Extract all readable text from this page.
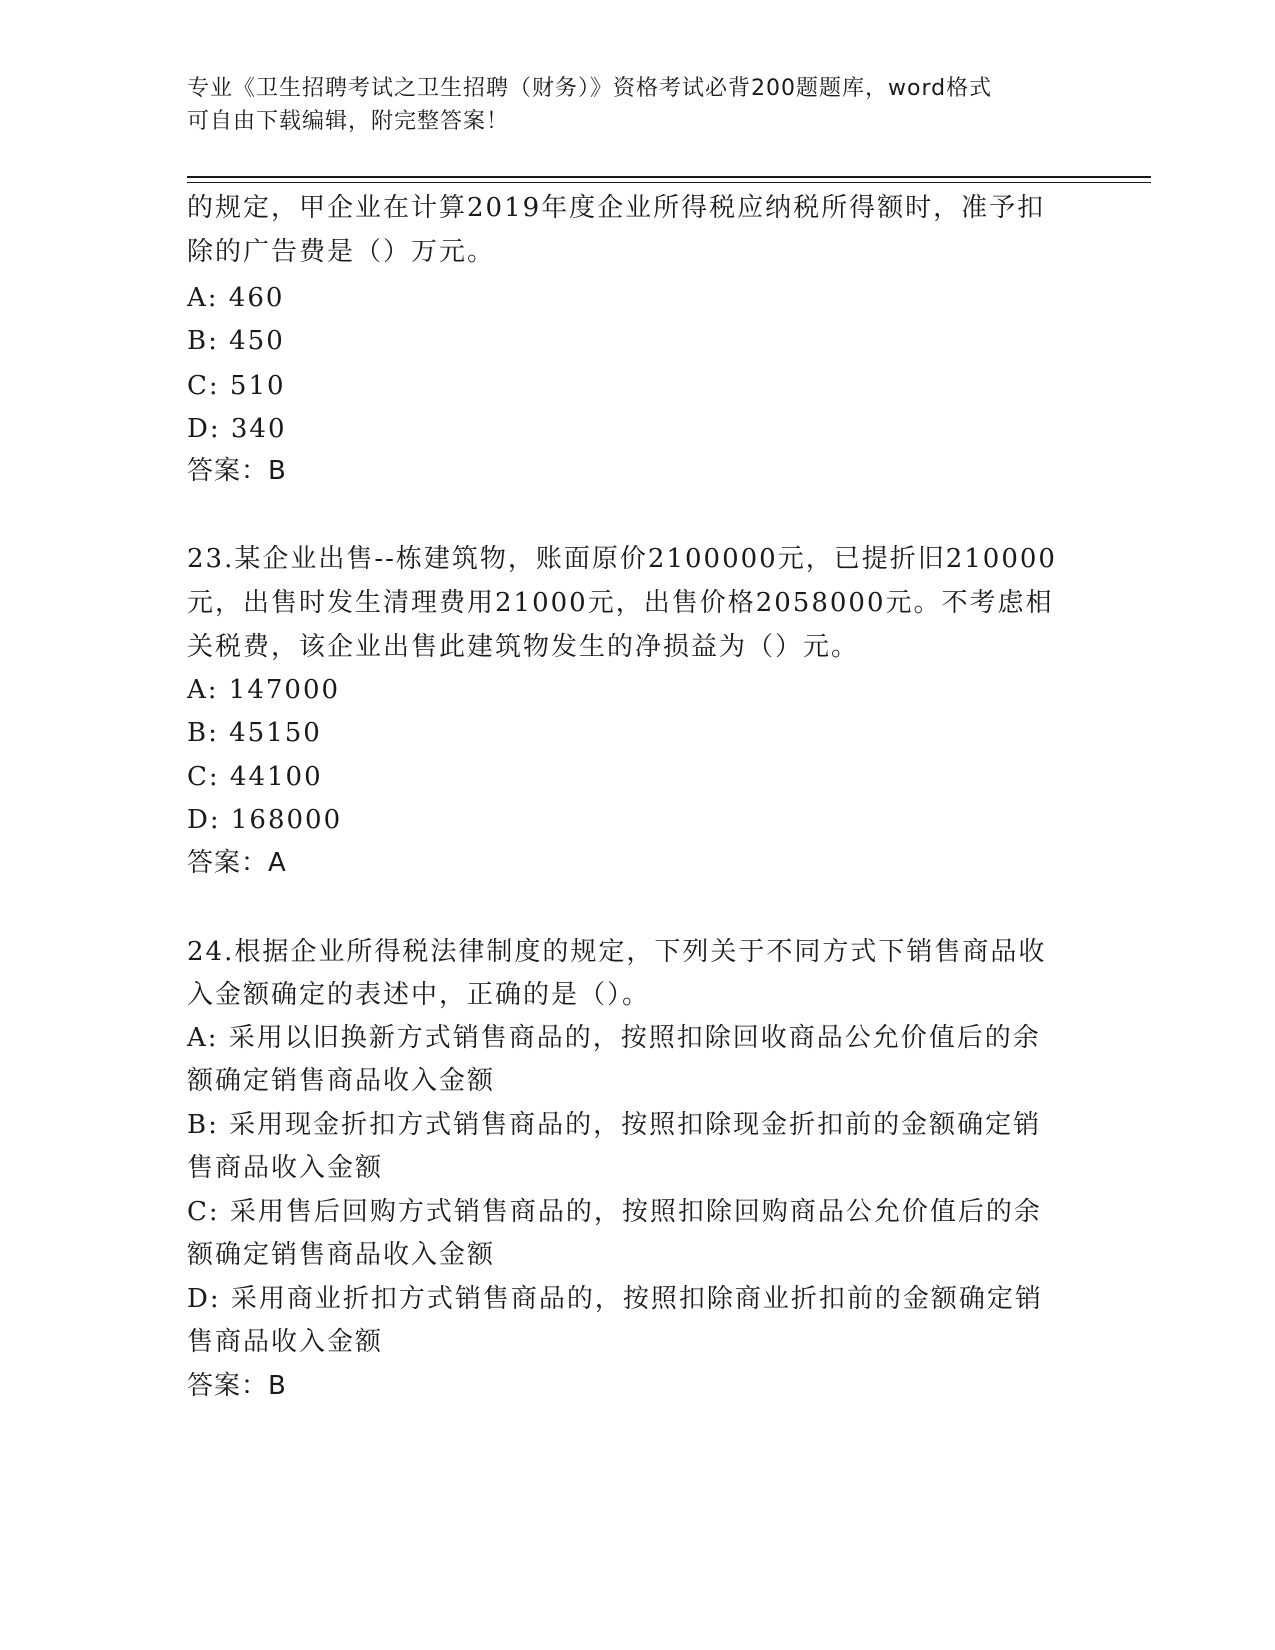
专业《卫生招聘考试之卫生招聘（财务）》资格考试必背200题题库，word格式
可自由下载编辑，附完整答案！
的规定，甲企业在计算2019年度企业所得税应纳税所得额时，准予扣
除的广告费是（）万元。
A: 460
B: 450
C: 510
D: 340
答案：B
23.某企业出售--栋建筑物，账面原价2100000元，已提折旧210000
元，出售时发生清理费用21000元，出售价格2058000元。不考虑相
关税费，该企业出售此建筑物发生的净损益为（）元。
A: 147000
B: 45150
C: 44100
D: 168000
答案：A
24.根据企业所得税法律制度的规定，下列关于不同方式下销售商品收
入金额确定的表述中，正确的是（）。
A: 采用以旧换新方式销售商品的，按照扣除回收商品公允价值后的余
额确定销售商品收入金额
B: 采用现金折扣方式销售商品的，按照扣除现金折扣前的金额确定销
售商品收入金额
C: 采用售后回购方式销售商品的，按照扣除回购商品公允价值后的余
额确定销售商品收入金额
D: 采用商业折扣方式销售商品的，按照扣除商业折扣前的金额确定销
售商品收入金额
答案：B
